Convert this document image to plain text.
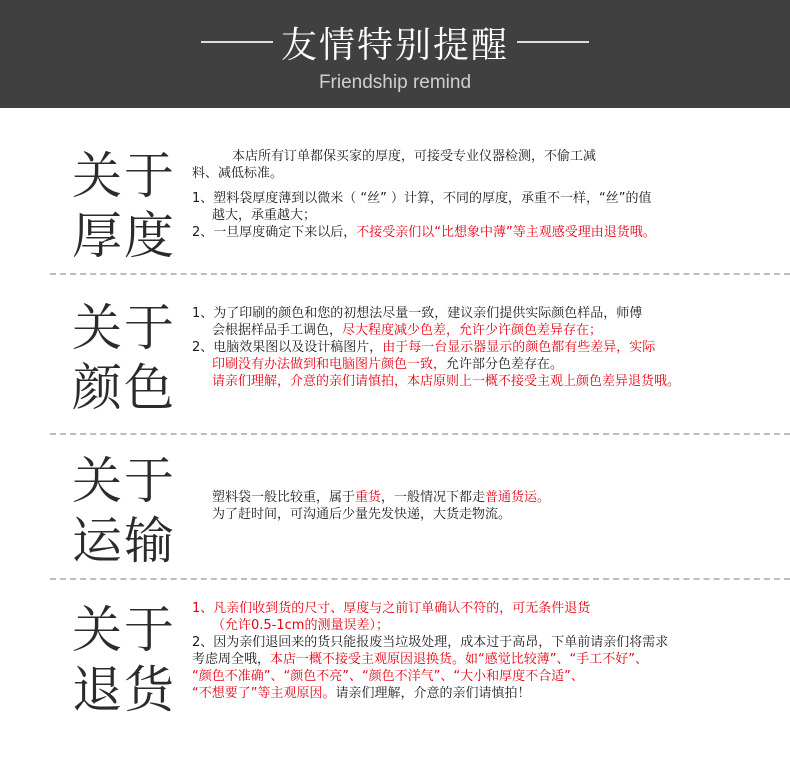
友情特别提醒
Friendship remind
关于
厚度

本店所有订单都保买家的厚度，可接受专业仪器检测，不偷工减

料、减低标准。

1、塑料袋厚度薄到以微米（ “丝” ）计算，不同的厚度，承重不一样，“丝”的值

越大，承重越大；

2、一旦厚度确定下来以后，不接受亲们以“比想象中薄”等主观感受理由退货哦。

关于
颜色

1、为了印刷的颜色和您的初想法尽量一致，建议亲们提供实际颜色样品，师傅

会根据样品手工调色，尽大程度减少色差，允许少许颜色差异存在；

2、电脑效果图以及设计稿图片，由于每一台显示器显示的颜色都有些差异，实际

印刷没有办法做到和电脑图片颜色一致，允许部分色差存在。

请亲们理解，介意的亲们请慎拍，本店原则上一概不接受主观上颜色差异退货哦。

关于
运输

塑料袋一般比较重，属于重货，一般情况下都走普通货运。

为了赶时间，可沟通后少量先发快递，大货走物流。

关于
退货

1、凡亲们收到货的尺寸、厚度与之前订单确认不符的，可无条件退货

（允许0.5-1cm的测量误差）；

2、因为亲们退回来的货只能报废当垃圾处理，成本过于高昂，下单前请亲们将需求

考虑周全哦，本店一概不接受主观原因退换货。如“感觉比较薄”、“手工不好”、

“颜色不准确”、“颜色不亮”、“颜色不洋气”、“大小和厚度不合适”、

“不想要了”等主观原因。请亲们理解，介意的亲们请慎拍！
